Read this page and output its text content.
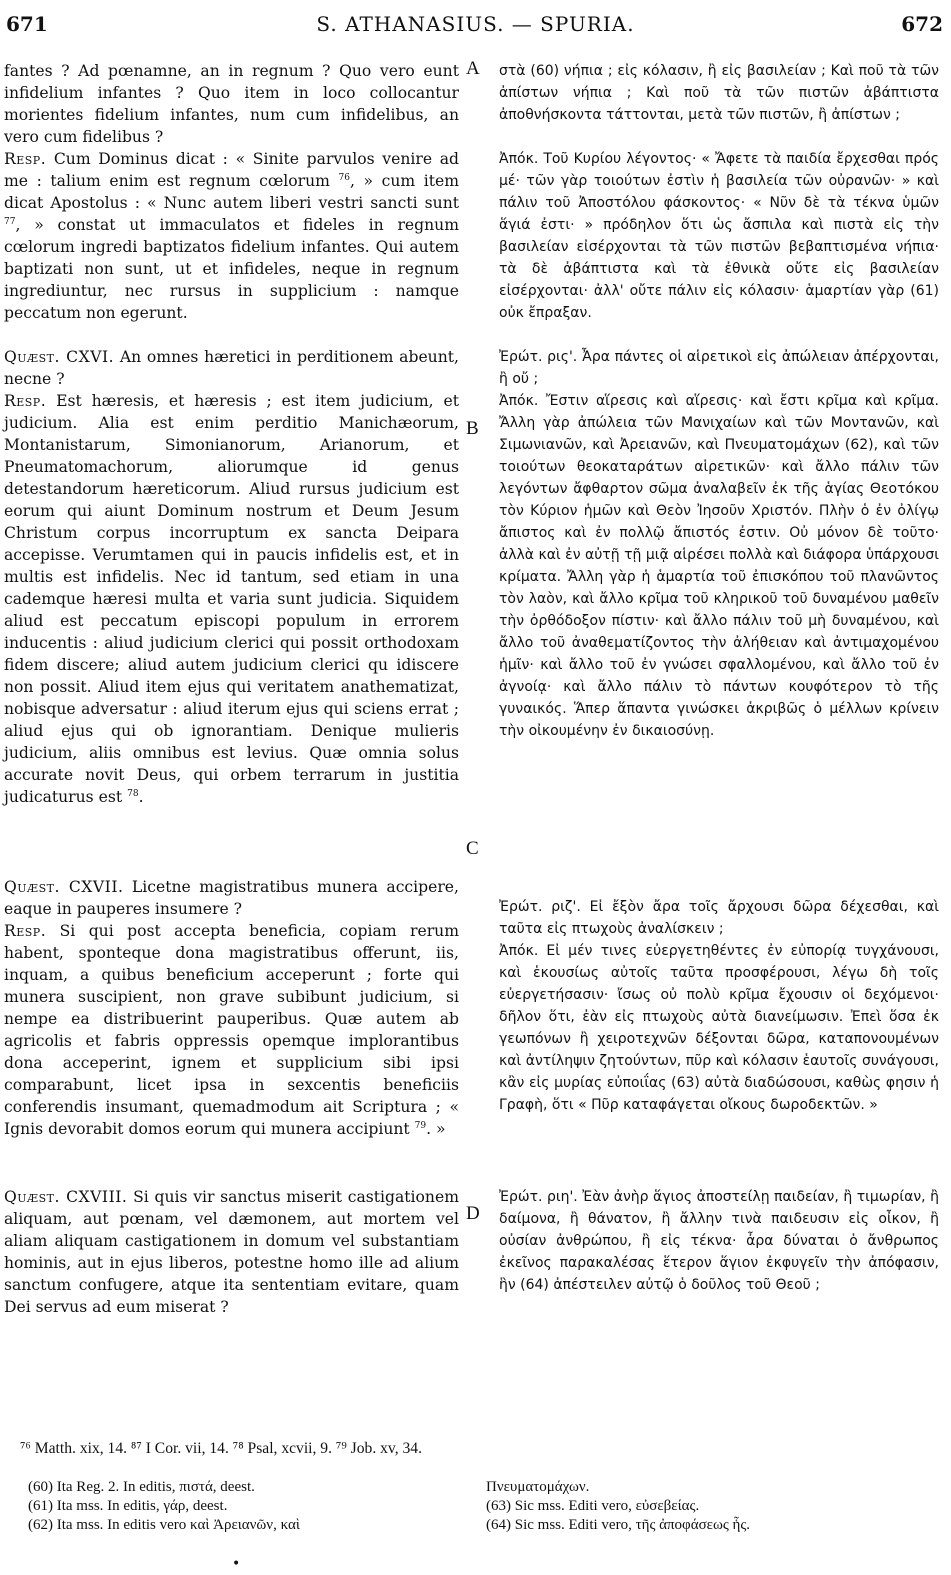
671	S. ATHANASIUS. — SPURIA.	672
fantes ? Ad pœnamne, an in regnum ? Quo vero eunt infidelium infantes ? Quo item in loco collocantur morientes fidelium infantes, num cum infidelibus, an vero cum fidelibus ?
Resp. Cum Dominus dicat : « Sinite parvulos venire ad me : talium enim est regnum cœlorum $^{76}$, » cum item dicat Apostolus : « Nunc autem liberi vestri sancti sunt $^{77}$, » constat ut immaculatos et fideles in regnum cœlorum ingredi baptizatos fidelium infantes. Qui autem baptizati non sunt, ut et infideles, neque in regnum ingrediuntur, nec rursus in supplicium : namque peccatum non egerunt.
Quæst. CXVI. An omnes hæretici in perditionem abeunt, necne ?
Resp. Est hæresis, et hæresis ; est item judicium, et judicium. Alia est enim perditio Manichæorum, Montanistarum, Simonianorum, Arianorum, et Pneumatomachorum, aliorumque id genus detestandorum hæreticorum. Aliud rursus judicium est eorum qui aiunt Dominum nostrum et Deum Jesum Christum corpus incorruptum ex sancta Deipara accepisse. Verumtamen qui in paucis infidelis est, et in multis est infidelis. Nec id tantum, sed etiam in una cademque hæresi multa et varia sunt judicia. Siquidem aliud est peccatum episcopi populum in errorem inducentis : aliud judicium clerici qui possit orthodoxam fidem discere; aliud autem judicium clerici qu idiscere non possit. Aliud item ejus qui veritatem anathematizat, nobisque adversatur : aliud iterum ejus qui sciens errat ; aliud ejus qui ob ignorantiam. Denique mulieris judicium, aliis omnibus est levius. Quæ omnia solus accurate novit Deus, qui orbem terrarum in justitia judicaturus est $^{78}$.
Quæst. CXVII. Licetne magistratibus munera accipere, eaque in pauperes insumere ?
Resp. Si qui post accepta beneficia, copiam rerum habent, sponteque dona magistratibus offerunt, iis, inquam, a quibus beneficium acceperunt ; forte qui munera suscipient, non grave subibunt judicium, si nempe ea distribuerint pauperibus. Quæ autem ab agricolis et fabris oppressis opemque implorantibus dona acceperint, ignem et supplicium sibi ipsi comparabunt, licet ipsa in sexcentis beneficiis conferendis insumant, quemadmodum ait Scriptura ; « Ignis devorabit domos eorum qui munera accipiunt $^{79}$. »
Quæst. CXVIII. Si quis vir sanctus miserit castigationem aliquam, aut pœnam, vel dæmonem, aut mortem vel aliam aliquam castigationem in domum vel substantiam hominis, aut in ejus liberos, potestne homo ille ad alium sanctum confugere, atque ita sententiam evitare, quam Dei servus ad eum miserat ?
A
B
C
D
στὰ (60) νήπια ; εἰς κόλασιν, ἢ εἰς βασιλείαν ; Καὶ ποῦ τὰ τῶν ἀπίστων νήπια ; Καὶ ποῦ τὰ τῶν πιστῶν ἀβάπτιστα ἀποθνήσκοντα τάττονται, μετὰ τῶν πιστῶν, ἢ ἀπίστων ;
Ἀπόκ. Τοῦ Κυρίου λέγοντος· « Ἄφετε τὰ παιδία ἔρχεσθαι πρός μέ· τῶν γὰρ τοιούτων ἐστὶν ἡ βασιλεία τῶν οὐρανῶν· » καὶ πάλιν τοῦ Ἀποστόλου φάσκοντος· « Νῦν δὲ τὰ τέκνα ὑμῶν ἅγιά ἐστι· » πρόδηλον ὅτι ὡς ἄσπιλα καὶ πιστὰ εἰς τὴν βασιλείαν εἰσέρχονται τὰ τῶν πιστῶν βεβαπτισμένα νήπια· τὰ δὲ ἀβάπτιστα καὶ τὰ ἐθνικὰ οὔτε εἰς βασιλείαν εἰσέρχονται· ἀλλ' οὔτε πάλιν εἰς κόλασιν· ἁμαρτίαν γὰρ (61) οὐκ ἔπραξαν.
Ἐρώτ. ρις'. Ἆρα πάντες οἱ αἱρετικοὶ εἰς ἀπώλειαν ἀπέρχονται, ἢ οὔ ;
Ἀπόκ. Ἔστιν αἵρεσις καὶ αἵρεσις· καὶ ἔστι κρῖμα καὶ κρῖμα. Ἄλλη γὰρ ἀπώλεια τῶν Μανιχαίων καὶ τῶν Μοντανῶν, καὶ Σιμωνιανῶν, καὶ Ἀρειανῶν, καὶ Πνευματομάχων (62), καὶ τῶν τοιούτων θεοκαταράτων αἱρετικῶν· καὶ ἄλλο πάλιν τῶν λεγόντων ἄφθαρτον σῶμα ἀναλαβεῖν ἐκ τῆς ἁγίας Θεοτόκου τὸν Κύριον ἡμῶν καὶ Θεὸν Ἰησοῦν Χριστόν. Πλὴν ὁ ἐν ὀλίγῳ ἄπιστος καὶ ἐν πολλῷ ἄπιστός ἐστιν. Οὐ μόνον δὲ τοῦτο· ἀλλὰ καὶ ἐν αὐτῇ τῇ μιᾷ αἱρέσει πολλὰ καὶ διάφορα ὑπάρχουσι κρίματα. Ἄλλη γὰρ ἡ ἁμαρτία τοῦ ἐπισκόπου τοῦ πλανῶντος τὸν λαὸν, καὶ ἄλλο κρῖμα τοῦ κληρικοῦ τοῦ δυναμένου μαθεῖν τὴν ὀρθόδοξον πίστιν· καὶ ἄλλο πάλιν τοῦ μὴ δυναμένου, καὶ ἄλλο τοῦ ἀναθεματίζοντος τὴν ἀλήθειαν καὶ ἀντιμαχομένου ἡμῖν· καὶ ἄλλο τοῦ ἐν γνώσει σφαλλομένου, καὶ ἄλλο τοῦ ἐν ἀγνοίᾳ· καὶ ἄλλο πάλιν τὸ πάντων κουφότερον τὸ τῆς γυναικός. Ἅπερ ἅπαντα γινώσκει ἀκριβῶς ὁ μέλλων κρίνειν τὴν οἰκουμένην ἐν δικαιοσύνῃ.
Ἐρώτ. ριζ'. Εἰ ἔξὸν ἄρα τοῖς ἄρχουσι δῶρα δέχεσθαι, καὶ ταῦτα εἰς πτωχοὺς ἀναλίσκειν ;
Ἀπόκ. Εἰ μέν τινες εὐεργετηθέντες ἐν εὐπορίᾳ τυγχάνουσι, καὶ ἑκουσίως αὐτοῖς ταῦτα προσφέρουσι, λέγω δὴ τοῖς εὐεργετήσασιν· ἴσως οὐ πολὺ κρῖμα ἔχουσιν οἱ δεχόμενοι· δῆλον ὅτι, ἐὰν εἰς πτωχοὺς αὐτὰ διανείμωσιν. Ἐπεὶ ὅσα ἐκ γεωπόνων ἢ χειροτεχνῶν δέξονται δῶρα, καταπονουμένων καὶ ἀντίληψιν ζητούντων, πῦρ καὶ κόλασιν ἑαυτοῖς συνάγουσι, κἂν εἰς μυρίας εὐποιΐας (63) αὐτὰ διαδώσουσι, καθὼς φησιν ἡ Γραφὴ, ὅτι « Πῦρ καταφάγεται οἴκους δωροδεκτῶν. »
Ἐρώτ. ριη'. Ἐὰν ἀνὴρ ἅγιος ἀποστείλῃ παιδείαν, ἢ τιμωρίαν, ἢ δαίμονα, ἢ θάνατον, ἢ ἄλλην τινὰ παιδευσιν εἰς οἶκον, ἢ οὐσίαν ἀνθρώπου, ἢ εἰς τέκνα· ἆρα δύναται ὁ ἄνθρωπος ἐκεῖνος παρακαλέσας ἕτερον ἅγιον ἐκφυγεῖν τὴν ἀπόφασιν, ἣν (64) ἀπέστειλεν αὐτῷ ὁ δοῦλος τοῦ Θεοῦ ;
⁷⁶ Matth. xix, 14. ⁸⁷ I Cor. vii, 14. ⁷⁸ Psal, xcvii, 9. ⁷⁹ Job. xv, 34.
(60) Ita Reg. 2. In editis, πιστά, deest.
(61) Ita mss. In editis, γάρ, deest.
(62) Ita mss. In editis vero καὶ Ἀρειανῶν, καὶ
Πνευματομάχων.
(63) Sic mss. Editi vero, εὐσεβείας.
(64) Sic mss. Editi vero, τῆς ἀποφάσεως ἧς.
•
